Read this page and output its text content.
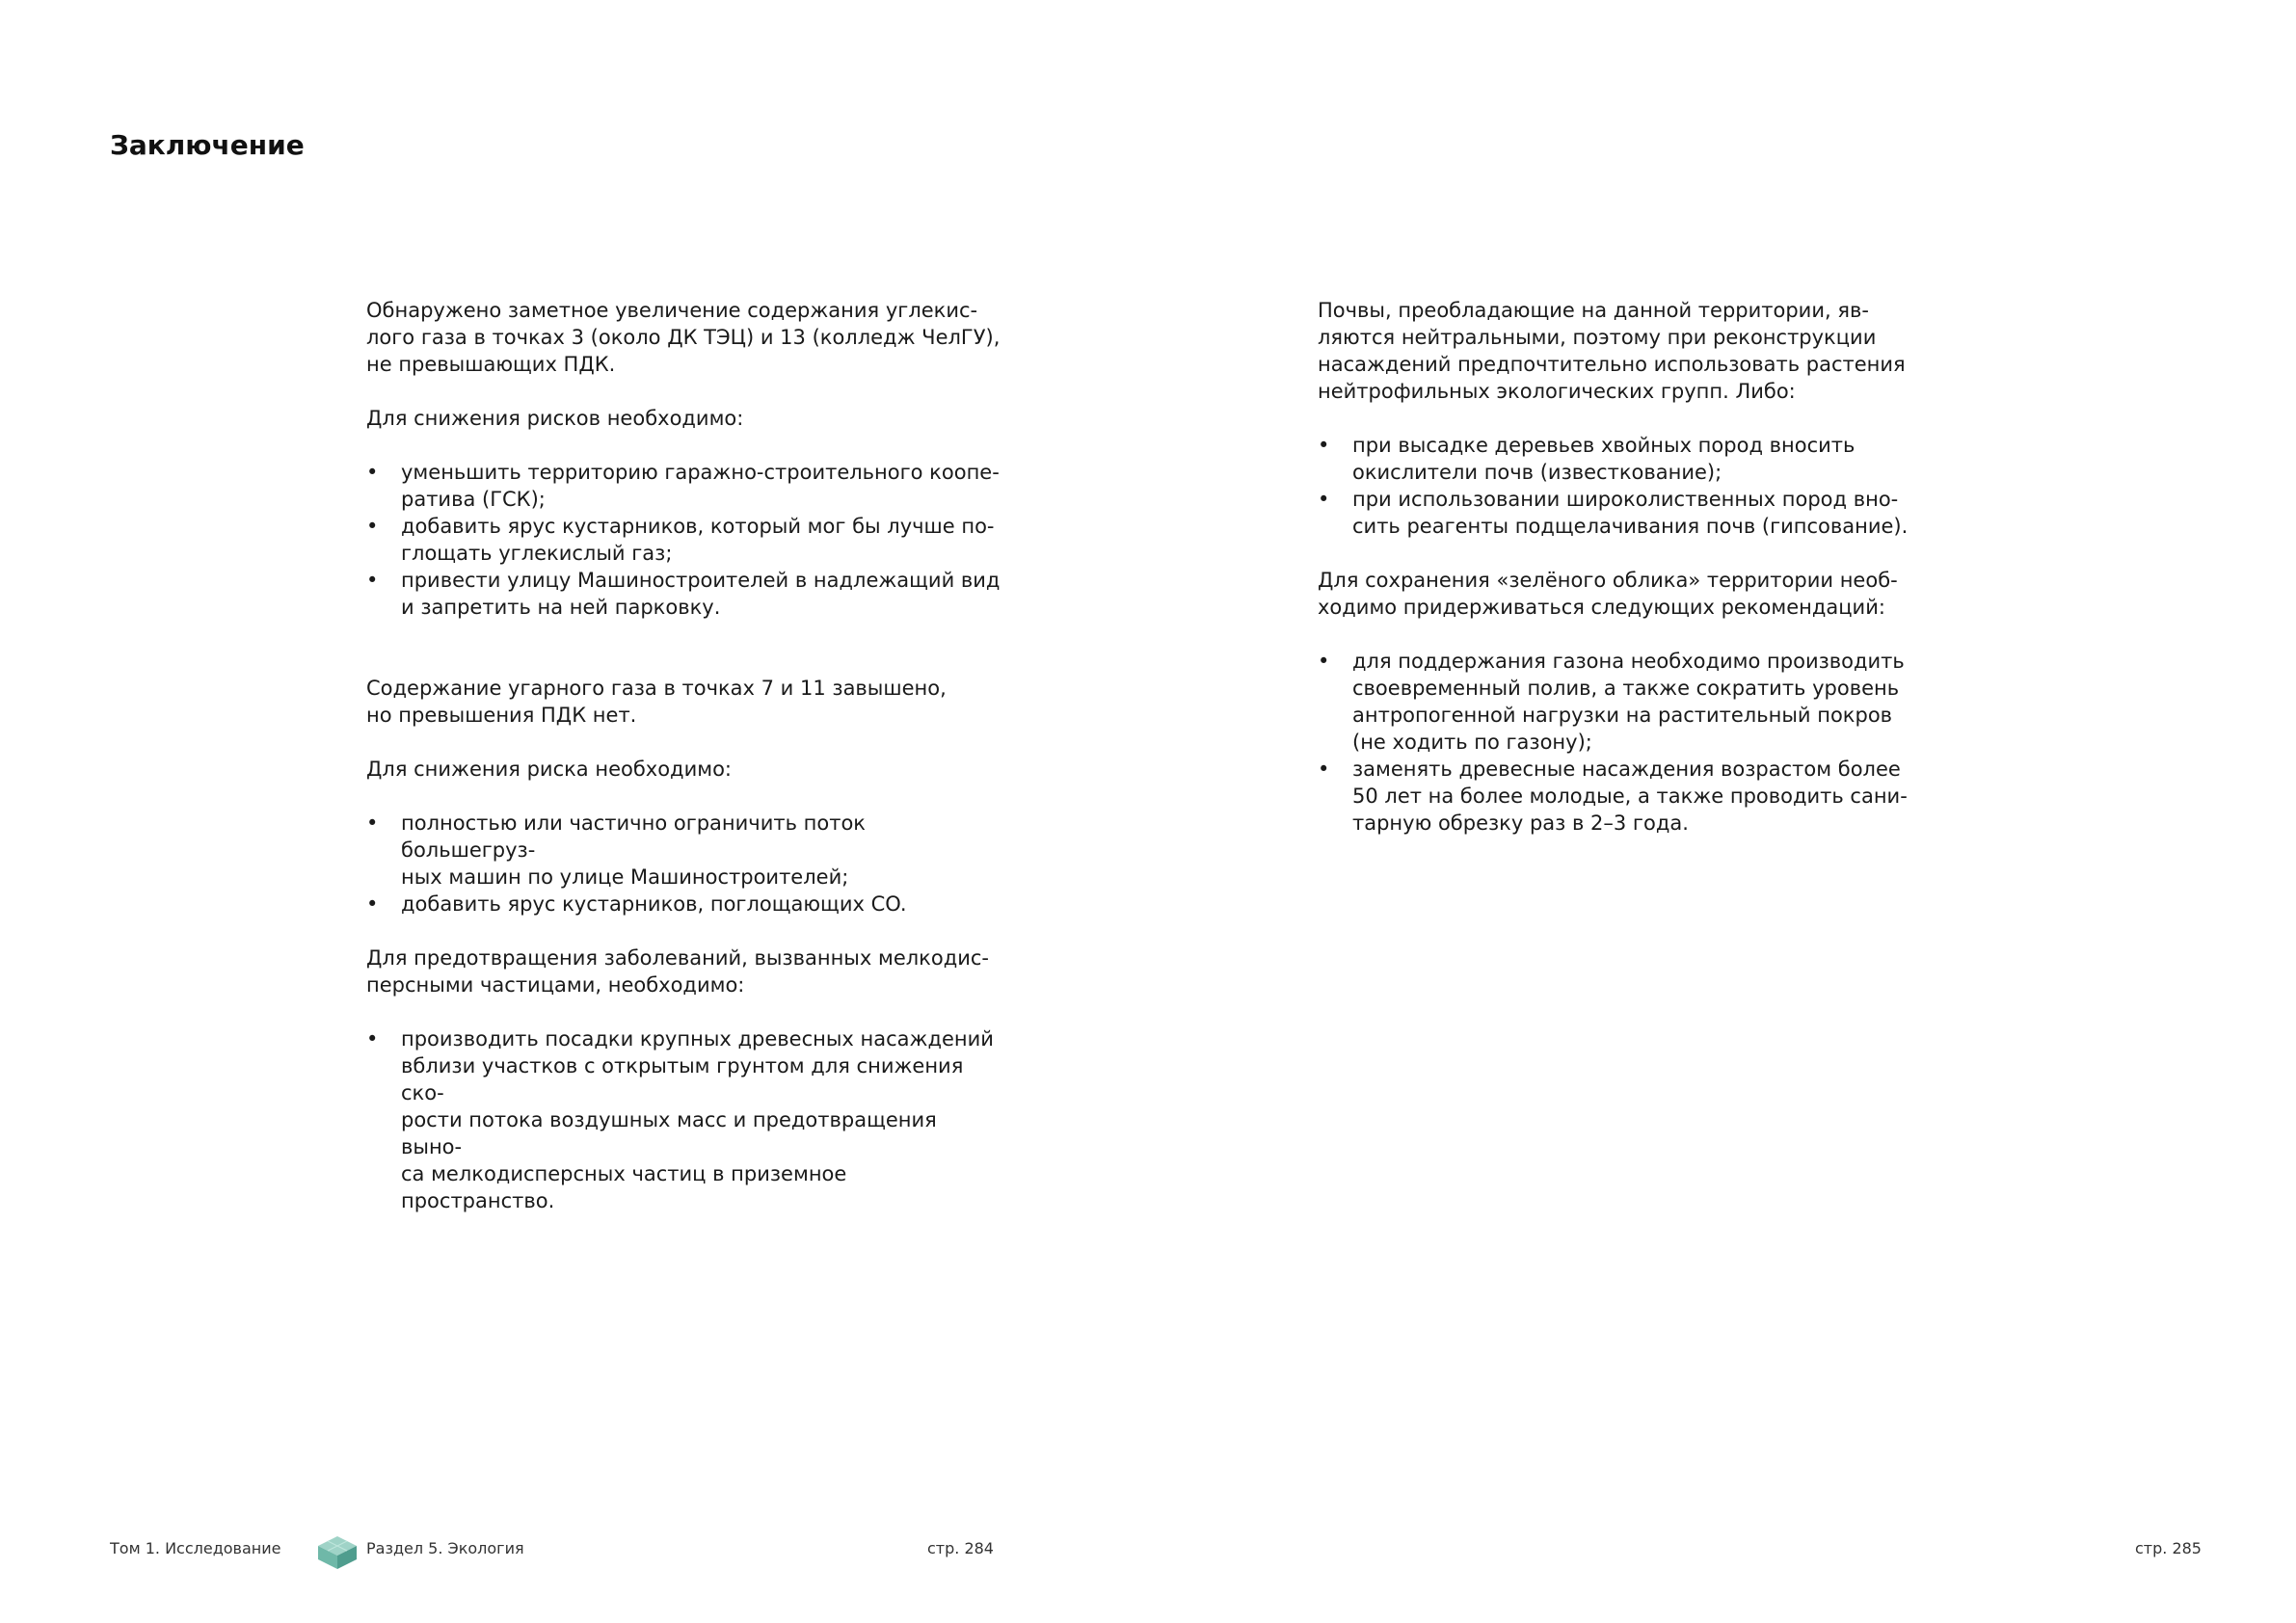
Заключение

Обнаружено заметное увеличение содержания углекис-
лого газа в точках 3 (около ДК ТЭЦ) и 13 (колледж ЧелГУ),
не превышающих ПДК.

Для снижения рисков необходимо:

•	уменьшить территорию гаражно-строительного коопе-
ратива (ГСК);
•	добавить ярус кустарников, который мог бы лучше по-
глощать углекислый газ;
•	привести улицу Машиностроителей в надлежащий вид
и запретить на ней парковку.

Содержание угарного газа в точках 7 и 11 завышено,
но превышения ПДК нет.

Для снижения риска необходимо:

•	полностью или частично ограничить поток большегруз-
ных машин по улице Машиностроителей;
•	добавить ярус кустарников, поглощающих CO.

Для предотвращения заболеваний, вызванных мелкодис-
персными частицами, необходимо:

•	производить посадки крупных древесных насаждений
вблизи участков с открытым грунтом для снижения ско-
рости потока воздушных масс и предотвращения выно-
са мелкодисперсных частиц в приземное пространство.

Почвы, преобладающие на данной территории, яв-
ляются нейтральными, поэтому при реконструкции
насаждений предпочтительно использовать растения
нейтрофильных экологических групп. Либо:

•	при высадке деревьев хвойных пород вносить
окислители почв (известкование);
•	при использовании широколиственных пород вно-
сить реагенты подщелачивания почв (гипсование).

Для сохранения «зелёного облика» территории необ-
ходимо придерживаться следующих рекомендаций:

•	для поддержания газона необходимо производить
своевременный полив, а также сократить уровень
антропогенной нагрузки на растительный покров
(не ходить по газону);
•	заменять древесные насаждения возрастом более
50 лет на более молодые, а также проводить сани-
тарную обрезку раз в 2–3 года.
Том 1. Исследование	Раздел 5. Экология	стр. 284	стр. 285
